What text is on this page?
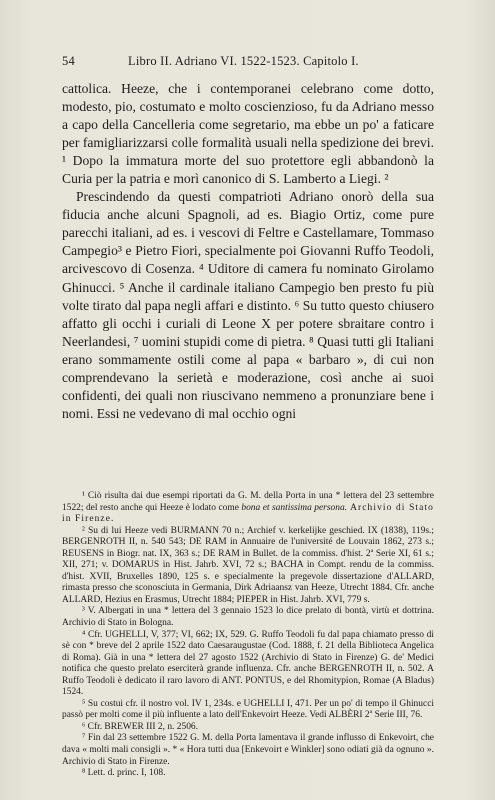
54	Libro II. Adriano VI. 1522-1523. Capitolo I.

cattolica. Heeze, che i contemporanei celebrano come dotto, modesto, pio, costumato e molto coscienzioso, fu da Adriano messo a capo della Cancelleria come segretario, ma ebbe un po' a faticare per famigliarizzarsi colle formalità usuali nella spedizione dei brevi. ¹ Dopo la immatura morte del suo protettore egli abbandonò la Curia per la patria e morì canonico di S. Lamberto a Liegi. ²

Prescindendo da questi compatrioti Adriano onorò della sua fiducia anche alcuni Spagnoli, ad es. Biagio Ortiz, come pure parecchi italiani, ad es. i vescovi di Feltre e Castellamare, Tommaso Campegio³ e Pietro Fiori, specialmente poi Giovanni Ruffo Teodoli, arcivescovo di Cosenza. ⁴ Uditore di camera fu nominato Girolamo Ghinucci. ⁵ Anche il cardinale italiano Campegio ben presto fu più volte tirato dal papa negli affari e distinto. ⁶ Su tutto questo chiusero affatto gli occhi i curiali di Leone X per potere sbraitare contro i Neerlandesi, ⁷ uomini stupidi come di pietra. ⁸ Quasi tutti gli Italiani erano sommamente ostili come al papa « barbaro », di cui non comprendevano la serietà e moderazione, così anche ai suoi confidenti, dei quali non riuscivano nemmeno a pronunziare bene i nomi. Essi ne vedevano di mal occhio ogni

¹ Ciò risulta dai due esempi riportati da G. M. della Porta in una * lettera del 23 settembre 1522; del resto anche qui Heeze è lodato come bona et santissima persona. Archivio di Stato in Firenze.

² Su di lui Heeze vedi BURMANN 70 n.; Archief v. kerkelijke geschied. IX (1838), 119s.; BERGENROTH II, n. 540 543; DE RAM in Annuaire de l'université de Louvain 1862, 273 s.; REUSENS in Biogr. nat. IX, 363 s.; DE RAM in Bullet. de la commiss. d'hist. 2ª Serie XI, 61 s.; XII, 271; v. DOMARUS in Hist. Jahrb. XVI, 72 s.; BACHA in Compt. rendu de la commiss. d'hist. XVII, Bruxelles 1890, 125 s. e specialmente la pregevole dissertazione d'ALLARD, rimasta presso che sconosciuta in Germania, Dirk Adriaansz van Heeze, Utrecht 1884. Cfr. anche ALLARD, Hezius en Erasmus, Utrecht 1884; PIEPER in Hist. Jahrb. XVI, 779 s.

³ V. Albergati in una * lettera del 3 gennaio 1523 lo dice prelato di bontà, virtù et dottrina. Archivio di Stato in Bologna.

⁴ Cfr. UGHELLI, V, 377; VI, 662; IX, 529. G. Ruffo Teodoli fu dal papa chiamato presso di sè con * breve del 2 aprile 1522 dato Caesaraugustae (Cod. 1888, f. 21 della Biblioteca Angelica di Roma). Già in una * lettera del 27 agosto 1522 (Archivio di Stato in Firenze) G. de' Medici notifica che questo prelato eserciterà grande influenza. Cfr. anche BERGENROTH II, n. 502. A Ruffo Teodoli è dedicato il raro lavoro di ANT. PONTUS, e del Rhomitypion, Romae (A Bladus) 1524.

⁵ Su costui cfr. il nostro vol. IV 1, 234s. e UGHELLI I, 471. Per un po' di tempo il Ghinucci passò per molti come il più influente a lato dell'Enkevoirt Heeze. Vedi ALBÈRI 2ª Serie III, 76.

⁶ Cfr. BREWER III 2, n. 2506.

⁷ Fin dal 23 settembre 1522 G. M. della Porta lamentava il grande influsso di Enkevoirt, che dava « molti mali consigli ». * « Hora tutti dua [Enkevoirt e Winkler] sono odiati già da ognuno ». Archivio di Stato in Firenze.

⁸ Lett. d. princ. I, 108.
